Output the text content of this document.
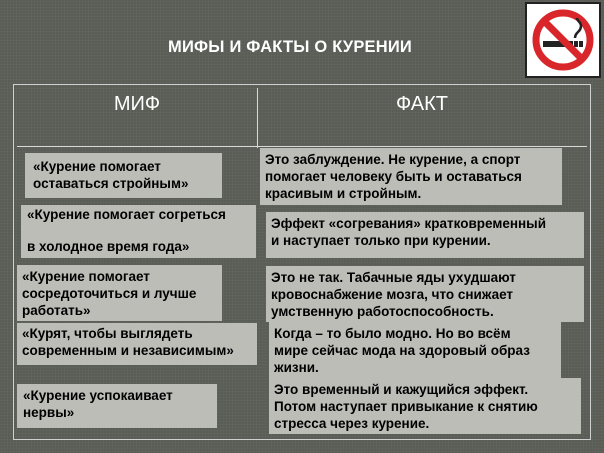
МИФЫ И ФАКТЫ О КУРЕНИИ
МИФ	ФАКТ
«Курение помогает
оставаться стройным»
Это заблуждение. Не курение, а спорт
помогает человеку быть и оставаться
красивым и стройным.
«Курение помогает согреться

в холодное время года»
Эффект «согревания» кратковременный
и наступает только при курении.
«Курение помогает
сосредоточиться и лучше
работать»
Это не так. Табачные яды ухудшают
кровоснабжение мозга, что снижает
умственную работоспособность.
«Курят, чтобы выглядеть
современным и независимым»
Когда – то было модно. Но во всём
мире сейчас мода на здоровый образ
жизни.
«Курение успокаивает
нервы»
Это временный и кажущийся эффект.
Потом наступает привыкание к снятию
стресса через курение.
